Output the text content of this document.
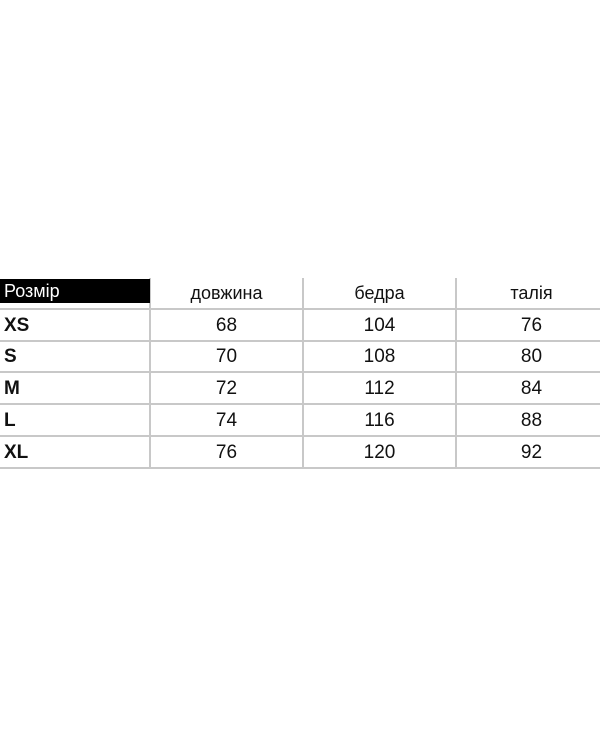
Розмір	довжина	бедра	талія
XS	68	104	76
S	70	108	80
M	72	112	84
L	74	116	88
XL	76	120	92
